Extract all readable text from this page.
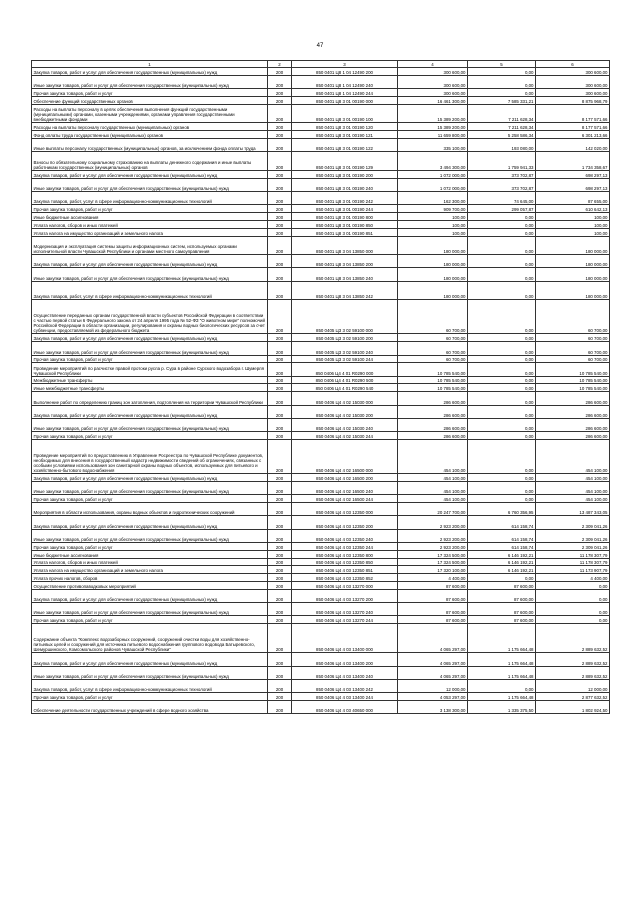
47
1	2	3	4	5	6
Закупка товаров, работ и услуг для обеспечения государственных (муниципальных) нужд	200	850 0401 Ц8 1 04 12490 200	300 600,00	0,00	300 600,00
Иные закупки товаров, работ и услуг для обеспечения государственных (муниципальных) нужд	200	850 0401 Ц8 1 04 12490 240	300 600,00	0,00	300 600,00
Прочая закупка товаров, работ и услуг	200	850 0401 Ц8 1 04 12490 244	300 600,00	0,00	300 600,00
Обеспечение функций государственных органов	200	850 0401 Ц8 3 01 00190 000	16 461 300,00	7 585 331,21	8 875 968,79
Расходы на выплаты персоналу в целях обеспечения выполнения функций государственными (муниципальными) органами, казенными учреждениями, органами управления государственными внебюджетными фондами	200	850 0401 Ц8 3 01 00190 100	15 389 200,00	7 211 628,34	8 177 571,66
Расходы на выплаты персоналу государственных (муниципальных) органов	200	850 0401 Ц8 3 01 00190 120	15 389 200,00	7 211 628,34	8 177 571,66
Фонд оплаты труда государственных (муниципальных) органов	200	850 0401 Ц8 3 01 00190 121	11 659 800,00	5 258 586,34	6 301 213,66
Иные выплаты персоналу государственных (муниципальных) органов, за исключением фонда оплаты труда	200	850 0401 Ц8 3 01 00190 122	335 100,00	193 080,00	142 020,00
Взносы по обязательному социальному страхованию на выплаты денежного содержания и иные выплаты работникам государственных (муниципальных) органов	200	850 0401 Ц8 3 01 00190 129	3 494 300,00	1 759 941,33	1 734 358,67
Закупка товаров, работ и услуг для обеспечения государственных (муниципальных) нужд	200	850 0401 Ц8 3 01 00190 200	1 072 000,00	373 702,87	698 297,13
Иные закупки товаров, работ и услуг для обеспечения государственных (муниципальных) нужд	200	850 0401 Ц8 3 01 00190 240	1 072 000,00	373 702,87	698 297,13
Закупка товаров, работ, услуг в сфере информационно-коммуникационных технологий	200	850 0401 Ц8 3 01 00190 242	162 300,00	74 645,00	87 655,00
Прочая закупка товаров, работ и услуг	200	850 0401 Ц8 3 01 00190 244	909 700,00	299 057,87	610 642,13
Иные бюджетные ассигнования	200	850 0401 Ц8 3 01 00190 800	100,00	0,00	100,00
Уплата налогов, сборов и иных платежей	200	850 0401 Ц8 3 01 00190 850	100,00	0,00	100,00
Уплата налога на имущество организаций и земельного налога	200	850 0401 Ц8 3 01 00190 851	100,00	0,00	100,00
Модернизация и эксплуатация системы защиты информационных систем, используемых органами исполнительной власти Чувашской Республики и органами местного самоуправления	200	850 0401 Ц8 3 04 13850 000	180 000,00	0,00	180 000,00
Закупка товаров, работ и услуг для обеспечения государственных (муниципальных) нужд	200	850 0401 Ц8 3 04 13850 200	180 000,00	0,00	180 000,00
Иные закупки товаров, работ и услуг для обеспечения государственных (муниципальных) нужд	200	850 0401 Ц8 3 04 13850 240	180 000,00	0,00	180 000,00
Закупка товаров, работ, услуг в сфере информационно-коммуникационных технологий	200	850 0401 Ц8 3 04 13850 242	180 000,00	0,00	180 000,00
Осуществление переданных органам государственной власти субъектов Российской Федерации в соответствии с частью первой статьи 6 Федерального закона от 24 апреля 1995 года № 52-ФЗ "О животном мире" полномочий Российской Федерации в области организации, регулирования и охраны водных биологических ресурсов за счет субвенции, предоставляемой из федерального бюджета	200	850 0405 Ц3 3 02 59100 000	60 700,00	0,00	60 700,00
Закупка товаров, работ и услуг для обеспечения государственных (муниципальных) нужд	200	850 0405 Ц3 3 02 59100 200	60 700,00	0,00	60 700,00
Иные закупки товаров, работ и услуг для обеспечения государственных (муниципальных) нужд	200	850 0405 Ц3 3 02 59100 240	60 700,00	0,00	60 700,00
Прочая закупка товаров, работ и услуг	200	850 0405 Ц3 3 02 59100 244	60 700,00	0,00	60 700,00
Проведение мероприятий по расчистке правой протоки русла р. Сура в районе Сурского водозабора г. Шумерля Чувашской Республики	200	850 0406 Ц4 4 01 R0290 000	10 785 540,00	0,00	10 785 540,00
Межбюджетные трансферты	200	850 0406 Ц4 4 01 R0290 500	10 785 540,00	0,00	10 785 540,00
Иные межбюджетные трансферты	200	850 0406 Ц4 4 01 R0290 540	10 785 540,00	0,00	10 785 540,00
Выполнение работ по определению границ зон затопления, подтопления на территории Чувашской Республики	200	850 0406 Ц4 4 02 15030 000	286 600,00	0,00	286 600,00
Закупка товаров, работ и услуг для обеспечения государственных (муниципальных) нужд	200	850 0406 Ц4 4 02 15030 200	286 600,00	0,00	286 600,00
Иные закупки товаров, работ и услуг для обеспечения государственных (муниципальных) нужд	200	850 0406 Ц4 4 02 15030 240	286 600,00	0,00	286 600,00
Прочая закупка товаров, работ и услуг	200	850 0406 Ц4 4 02 15030 244	286 600,00	0,00	286 600,00
Проведение мероприятий по предоставлению в Управление Росреестра по Чувашской Республике документов, необходимых для внесения в государственный кадастр недвижимости сведений об ограничениях, связанных с особыми условиями использования зон санитарной охраны водных объектов, используемых для питьевого и хозяйственно-бытового водоснабжения	200	850 0406 Ц4 4 02 16500 000	454 100,00	0,00	454 100,00
Закупка товаров, работ и услуг для обеспечения государственных (муниципальных) нужд	200	850 0406 Ц4 4 02 16500 200	454 100,00	0,00	454 100,00
Иные закупки товаров, работ и услуг для обеспечения государственных (муниципальных) нужд	200	850 0406 Ц4 4 02 16500 240	454 100,00	0,00	454 100,00
Прочая закупка товаров, работ и услуг	200	850 0406 Ц4 4 02 16500 244	454 100,00	0,00	454 100,00
Мероприятия в области использования, охраны водных объектов и гидротехнических сооружений	200	850 0406 Ц4 4 03 12350 000	20 247 700,00	6 760 356,95	13 487 343,05
Закупка товаров, работ и услуг для обеспечения государственных (муниципальных) нужд	200	850 0406 Ц4 4 03 12350 200	2 923 200,00	614 158,74	2 309 041,26
Иные закупки товаров, работ и услуг для обеспечения государственных (муниципальных) нужд	200	850 0406 Ц4 4 03 12350 240	2 923 200,00	614 158,74	2 309 041,26
Прочая закупка товаров, работ и услуг	200	850 0406 Ц4 4 03 12350 244	2 923 200,00	614 158,74	2 309 041,26
Иные бюджетные ассигнования	200	850 0406 Ц4 4 03 12350 800	17 324 500,00	6 146 192,21	11 178 307,79
Уплата налогов, сборов и иных платежей	200	850 0406 Ц4 4 03 12350 850	17 324 500,00	6 146 192,21	11 178 307,79
Уплата налога на имущество организаций и земельного налога	200	850 0406 Ц4 4 03 12350 851	17 320 100,00	6 146 192,21	11 173 907,79
Уплата прочих налогов, сборов	200	850 0406 Ц4 4 03 12350 852	4 400,00	0,00	4 400,00
Осуществление противопаводковых мероприятий	200	850 0406 Ц4 4 03 13270 000	87 600,00	87 600,00	0,00
Закупка товаров, работ и услуг для обеспечения государственных (муниципальных) нужд	200	850 0406 Ц4 4 03 13270 200	87 600,00	87 600,00	0,00
Иные закупки товаров, работ и услуг для обеспечения государственных (муниципальных) нужд	200	850 0406 Ц4 4 03 13270 240	87 600,00	87 600,00	0,00
Прочая закупка товаров, работ и услуг	200	850 0406 Ц4 4 03 13270 244	87 600,00	87 600,00	0,00
Содержание объекта "Комплекс водозаборных сооружений, сооружений очистки воды для хозяйственно-питьевых целей и сооружений для источника питьевого водоснабжения группового водовода Батыревского, Шемуршинского, Комсомольского районов Чувашской Республики"	200	850 0406 Ц4 4 03 13400 000	4 065 297,00	1 175 664,48	2 889 632,52
Закупка товаров, работ и услуг для обеспечения государственных (муниципальных) нужд	200	850 0406 Ц4 4 03 13400 200	4 065 297,00	1 175 664,48	2 889 632,52
Иные закупки товаров, работ и услуг для обеспечения государственных (муниципальных) нужд	200	850 0406 Ц4 4 03 13400 240	4 065 297,00	1 175 664,48	2 889 632,52
Закупка товаров, работ, услуг в сфере информационно-коммуникационных технологий	200	850 0406 Ц4 4 03 13400 242	12 000,00	0,00	12 000,00
Прочая закупка товаров, работ и услуг	200	850 0406 Ц4 4 03 13400 244	4 053 297,00	1 175 664,48	2 877 632,52
Обеспечение деятельности государственных учреждений в сфере водного хозяйства	200	850 0406 Ц4 4 03 40650 000	3 138 300,00	1 335 375,50	1 802 924,50
